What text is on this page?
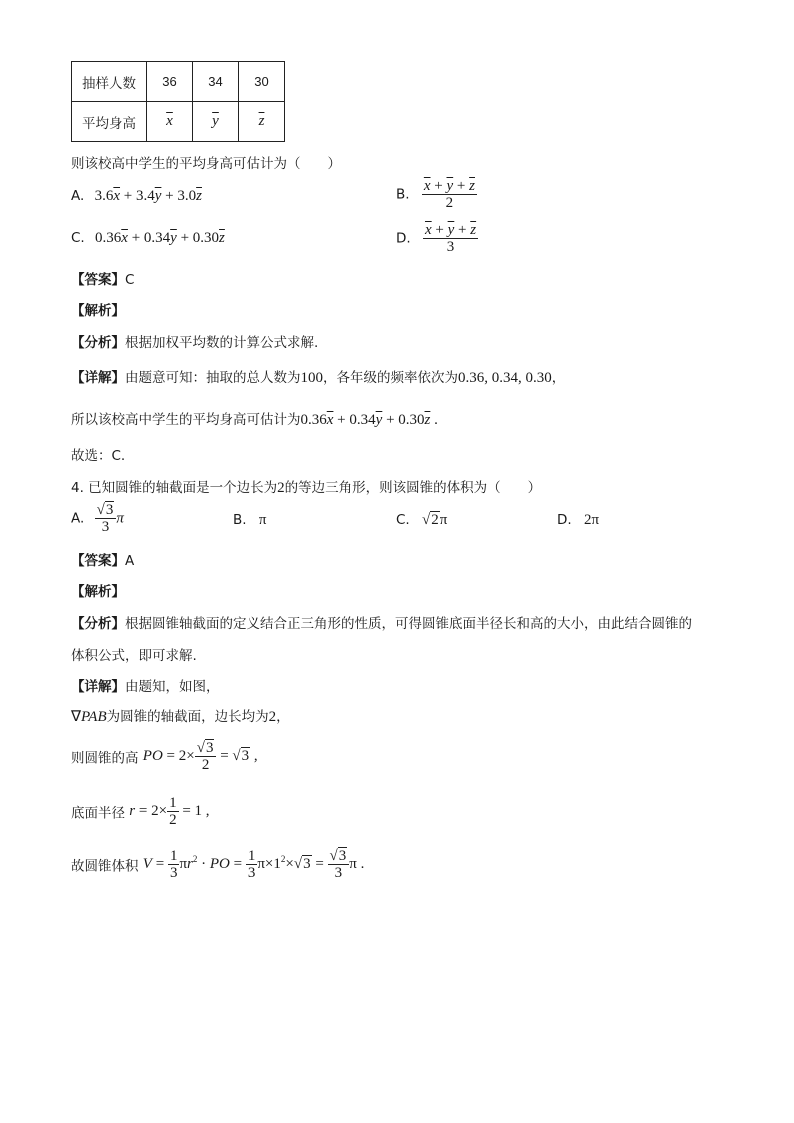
抽样人数	36	34	30
平均身高	$\overline{x}$	$\overline{y}$	$\overline{z}$
则该校高中学生的平均身高可估计为（　　）
A. $3.6\overline{x} + 3.4\overline{y} + 3.0\overline{z}$	B. $\frac{\overline{x} + \overline{y} + \overline{z}}{2}$
C. $0.36\overline{x} + 0.34\overline{y} + 0.30\overline{z}$	D. $\frac{\overline{x} + \overline{y} + \overline{z}}{3}$
【答案】C
【解析】
【分析】根据加权平均数的计算公式求解.
【详解】由题意可知：抽取的总人数为100，各年级的频率依次为0.36, 0.34, 0.30，
所以该校高中学生的平均身高可估计为$0.36\overline{x} + 0.34\overline{y} + 0.30\overline{z}$ .
故选：C.
4. 已知圆锥的轴截面是一个边长为2的等边三角形，则该圆锥的体积为（　　）
A. $\frac{√3}{3}$ π	B. π	C. √2π	D. 2π
【答案】A
【解析】
【分析】根据圆锥轴截面的定义结合正三角形的性质，可得圆锥底面半径长和高的大小，由此结合圆锥的
体积公式，即可求解.
【详解】由题知，如图，
∇PAB为圆锥的轴截面，边长均为2，
则圆锥的高 PO = $2\times \frac{√3}{2} = √3$ ,
底面半径 $r = 2\times \frac{1}{2} = 1$ ,
故圆锥体积 $V = \frac{1}{3} \pi r^2$ · PO = $\frac{1}{3} \pi\times 1^2\times√3 = \frac{√3}{3}$ π .
